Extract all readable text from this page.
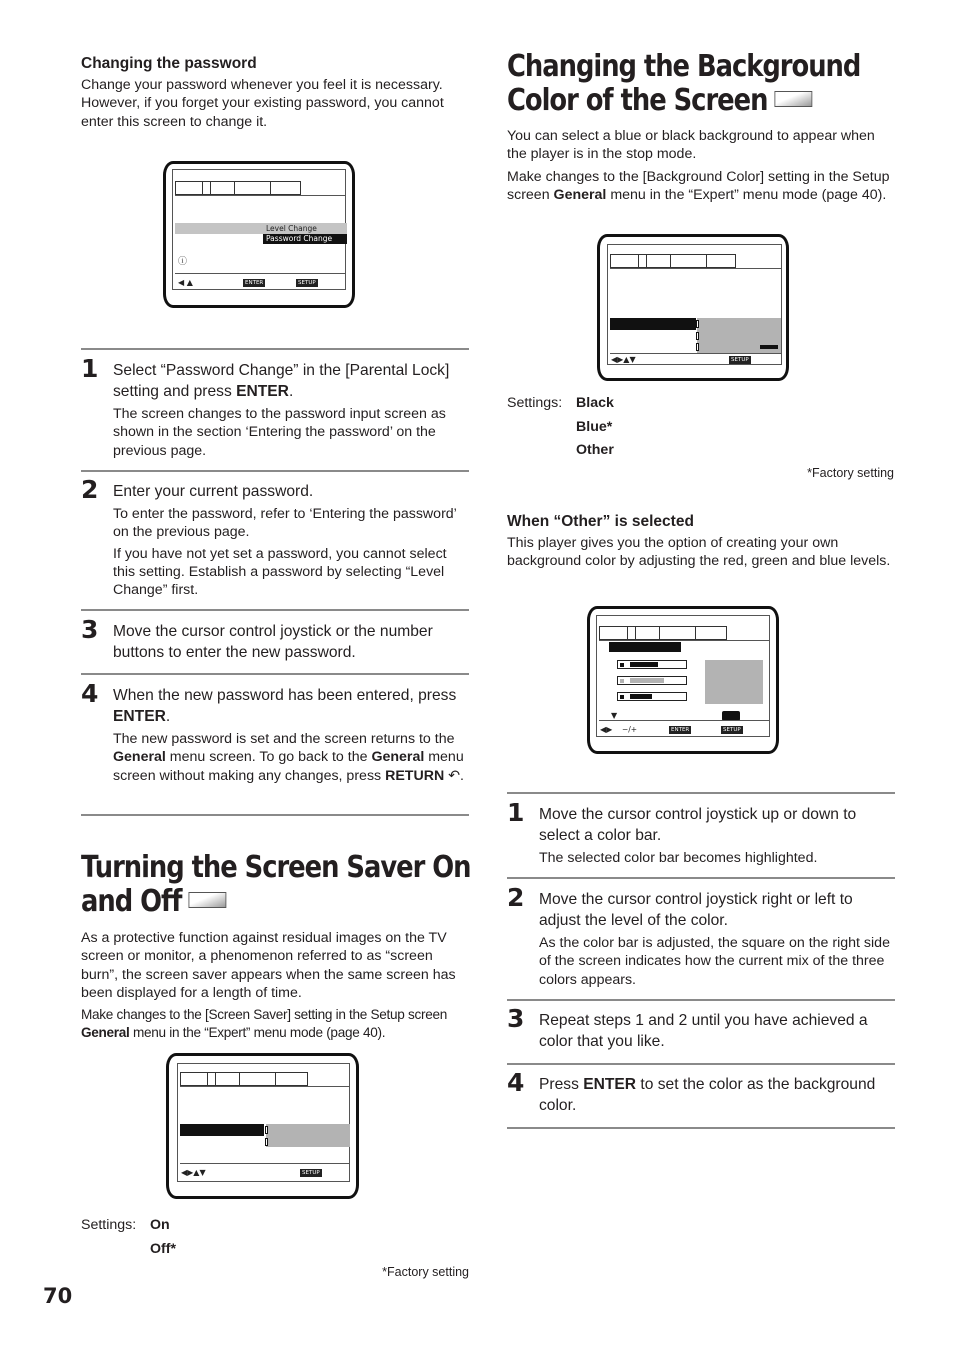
Changing the password
Change your password whenever you feel it is necessary. However, if you forget your existing password, you cannot enter this screen to change it.
Level Change
Password Change
ⓘ
◀ ▲	ENTER	SETUP
1 Select “Password Change” in the [Parental Lock] setting and press ENTER.
The screen changes to the password input screen as shown in the section ‘Entering the password’ on the previous page.
2 Enter your current password.
To enter the password, refer to ‘Entering the password’ on the previous page.
If you have not yet set a password, you cannot select this setting. Establish a password by selecting “Level Change” first.
3 Move the cursor control joystick or the number buttons to enter the new password.
4 When the new password has been entered, press ENTER.
The new password is set and the screen returns to the General menu screen. To go back to the General menu screen without making any changes, press RETURN ↶.
Turning the Screen Saver On
and Off
As a protective function against residual images on the TV screen or monitor, a phenomenon referred to as “screen burn”, the screen saver appears when the same screen has been displayed for a length of time.
Make changes to the [Screen Saver] setting in the Setup screen General menu in the “Expert” menu mode (page 40).
◀▶▲▼	SETUP
Settings: On
Off*
*Factory setting
70
Changing the Background
Color of the Screen
You can select a blue or black background to appear when the player is in the stop mode.
Make changes to the [Background Color] setting in the Setup screen General menu in the “Expert” menu mode (page 40).
◀▶▲▼	SETUP
Settings: Black
Blue*
Other
*Factory setting
When “Other” is selected
This player gives you the option of creating your own background color by adjusting the red, green and blue levels.
▼
◀▶ −/+	ENTER	SETUP
1 Move the cursor control joystick up or down to select a color bar.
The selected color bar becomes highlighted.
2 Move the cursor control joystick right or left to adjust the level of the color.
As the color bar is adjusted, the square on the right side of the screen indicates how the current mix of the three colors appears.
3 Repeat steps 1 and 2 until you have achieved a color that you like.
4 Press ENTER to set the color as the background color.
